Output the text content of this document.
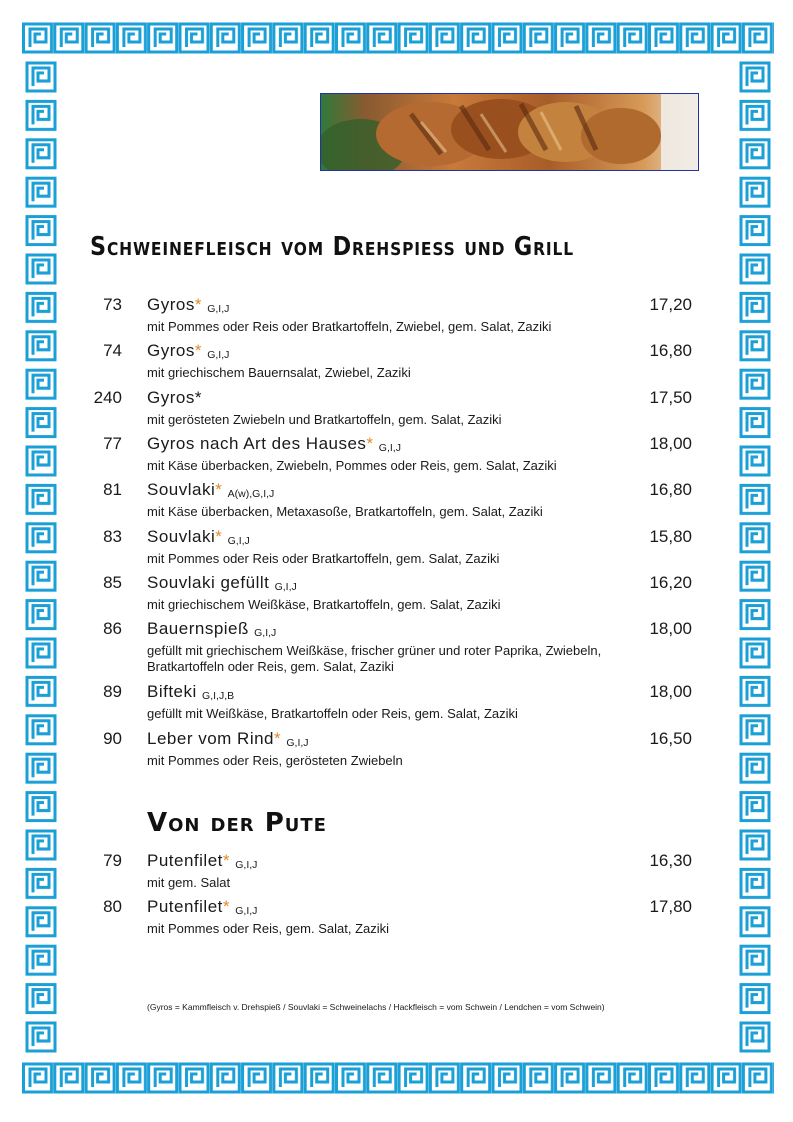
Schweinefleisch vom Drehspiess und Grill
73 Gyros* G,I,J	17,20
mit Pommes oder Reis oder Bratkartoffeln, Zwiebel, gem. Salat, Zaziki
74 Gyros* G,I,J	16,80
mit griechischem Bauernsalat, Zwiebel, Zaziki
240 Gyros*	17,50
mit gerösteten Zwiebeln und Bratkartoffeln, gem. Salat, Zaziki
77 Gyros nach Art des Hauses* G,I,J	18,00
mit Käse überbacken, Zwiebeln, Pommes oder Reis, gem. Salat, Zaziki
81 Souvlaki* A(w),G,I,J	16,80
mit Käse überbacken, Metaxasoße, Bratkartoffeln, gem. Salat, Zaziki
83 Souvlaki* G,I,J	15,80
mit Pommes oder Reis oder Bratkartoffeln, gem. Salat, Zaziki
85 Souvlaki gefüllt G,I,J	16,20
mit griechischem Weißkäse, Bratkartoffeln, gem. Salat, Zaziki
86 Bauernspieß G,I,J	18,00
gefüllt mit griechischem Weißkäse, frischer grüner und roter Paprika, Zwiebeln, Bratkartoffeln oder Reis, gem. Salat, Zaziki
89 Bifteki G,I,J,B	18,00
gefüllt mit Weißkäse, Bratkartoffeln oder Reis, gem. Salat, Zaziki
90 Leber vom Rind* G,I,J	16,50
mit Pommes oder Reis, gerösteten Zwiebeln
Von der Pute
79 Putenfilet* G,I,J	16,30
mit gem. Salat
80 Putenfilet* G,I,J	17,80
mit Pommes oder Reis, gem. Salat, Zaziki
(Gyros = Kammfleisch v. Drehspieß / Souvlaki = Schweinelachs / Hackfleisch = vom Schwein / Lendchen = vom Schwein)
